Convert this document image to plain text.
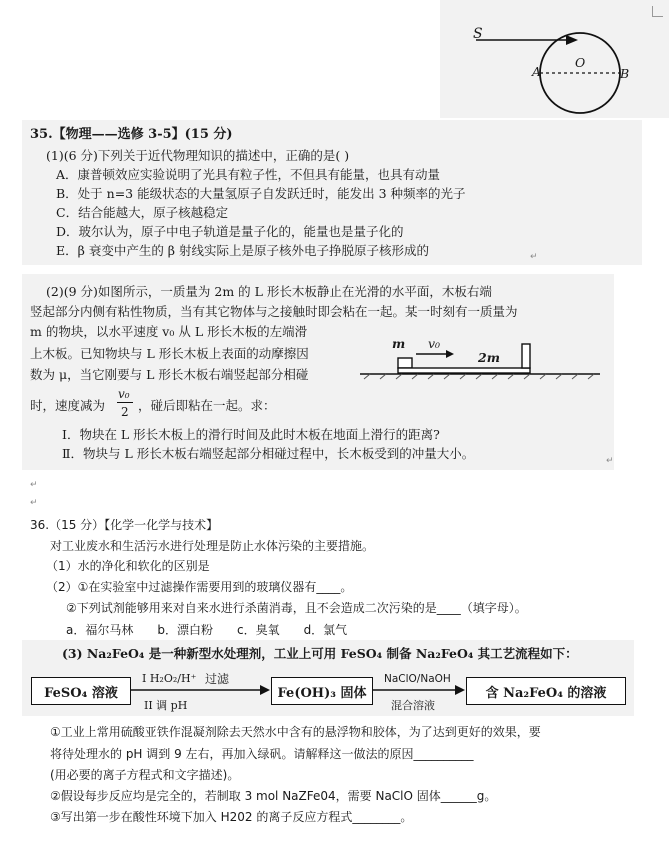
S
A
O
B
35.【物理——选修 3-5】(15 分)
(1)(6 分)下列关于近代物理知识的描述中，正确的是( )
A．康普顿效应实验说明了光具有粒子性，不但具有能量，也具有动量
B．处于 n=3 能级状态的大量氢原子自发跃迁时，能发出 3 种频率的光子
C．结合能越大，原子核越稳定
D．玻尔认为，原子中电子轨道是量子化的，能量也是量子化的
E．β 衰变中产生的 β 射线实际上是原子核外电子挣脱原子核形成的	↵
(2)(9 分)如图所示，一质量为 2m 的 L 形长木板静止在光滑的水平面，木板右端
竖起部分内侧有粘性物质，当有其它物体与之接触时即会粘在一起。某一时刻有一质量为
m 的物块，以水平速度 v₀ 从 L 形长木板的左端滑
上木板。已知物块与 L 形长木板上表面的动摩擦因
数为 μ，当它刚要与 L 形长木板右端竖起部分相碰
时，速度减为
v₀
2 ，碰后即粘在一起。求：
Ⅰ．物块在 L 形长木板上的滑行时间及此时木板在地面上滑行的距离?
Ⅱ．物块与 L 形长木板右端竖起部分相碰过程中，长木板受到的冲量大小。	↵
m v₀
2m
↵
↵
36.（15 分）【化学一化学与技术】
对工业废水和生活污水进行处理是防止水体污染的主要措施。
（1）水的净化和软化的区别是
（2）①在实验室中过滤操作需要用到的玻璃仪器有____。
②下列试剂能够用来对自来水进行杀菌消毒，且不会造成二次污染的是____（填字母）。
a．福尔马林　　b．漂白粉　　c．臭氧　　d．氯气
(3) Na₂FeO₄ 是一种新型水处理剂，工业上可用 FeSO₄ 制备 Na₂FeO₄ 其工艺流程如下：
FeSO₄ 溶液
I H₂O₂/H⁺
II 调 pH
过滤
Fe(OH)₃ 固体
NaClO/NaOH
混合溶液
含 Na₂FeO₄ 的溶液
①工业上常用硫酸亚铁作混凝剂除去天然水中含有的悬浮物和胶体，为了达到更好的效果，要
将待处理水的 pH 调到 9 左右，再加入绿矾。请解释这一做法的原因__________
(用必要的离子方程式和文字描述)。
②假设每步反应均是完全的，若制取 3 mol NaZFe04，需要 NaClO 固体______g。
③写出第一步在酸性环境下加入 H202 的离子反应方程式________。
